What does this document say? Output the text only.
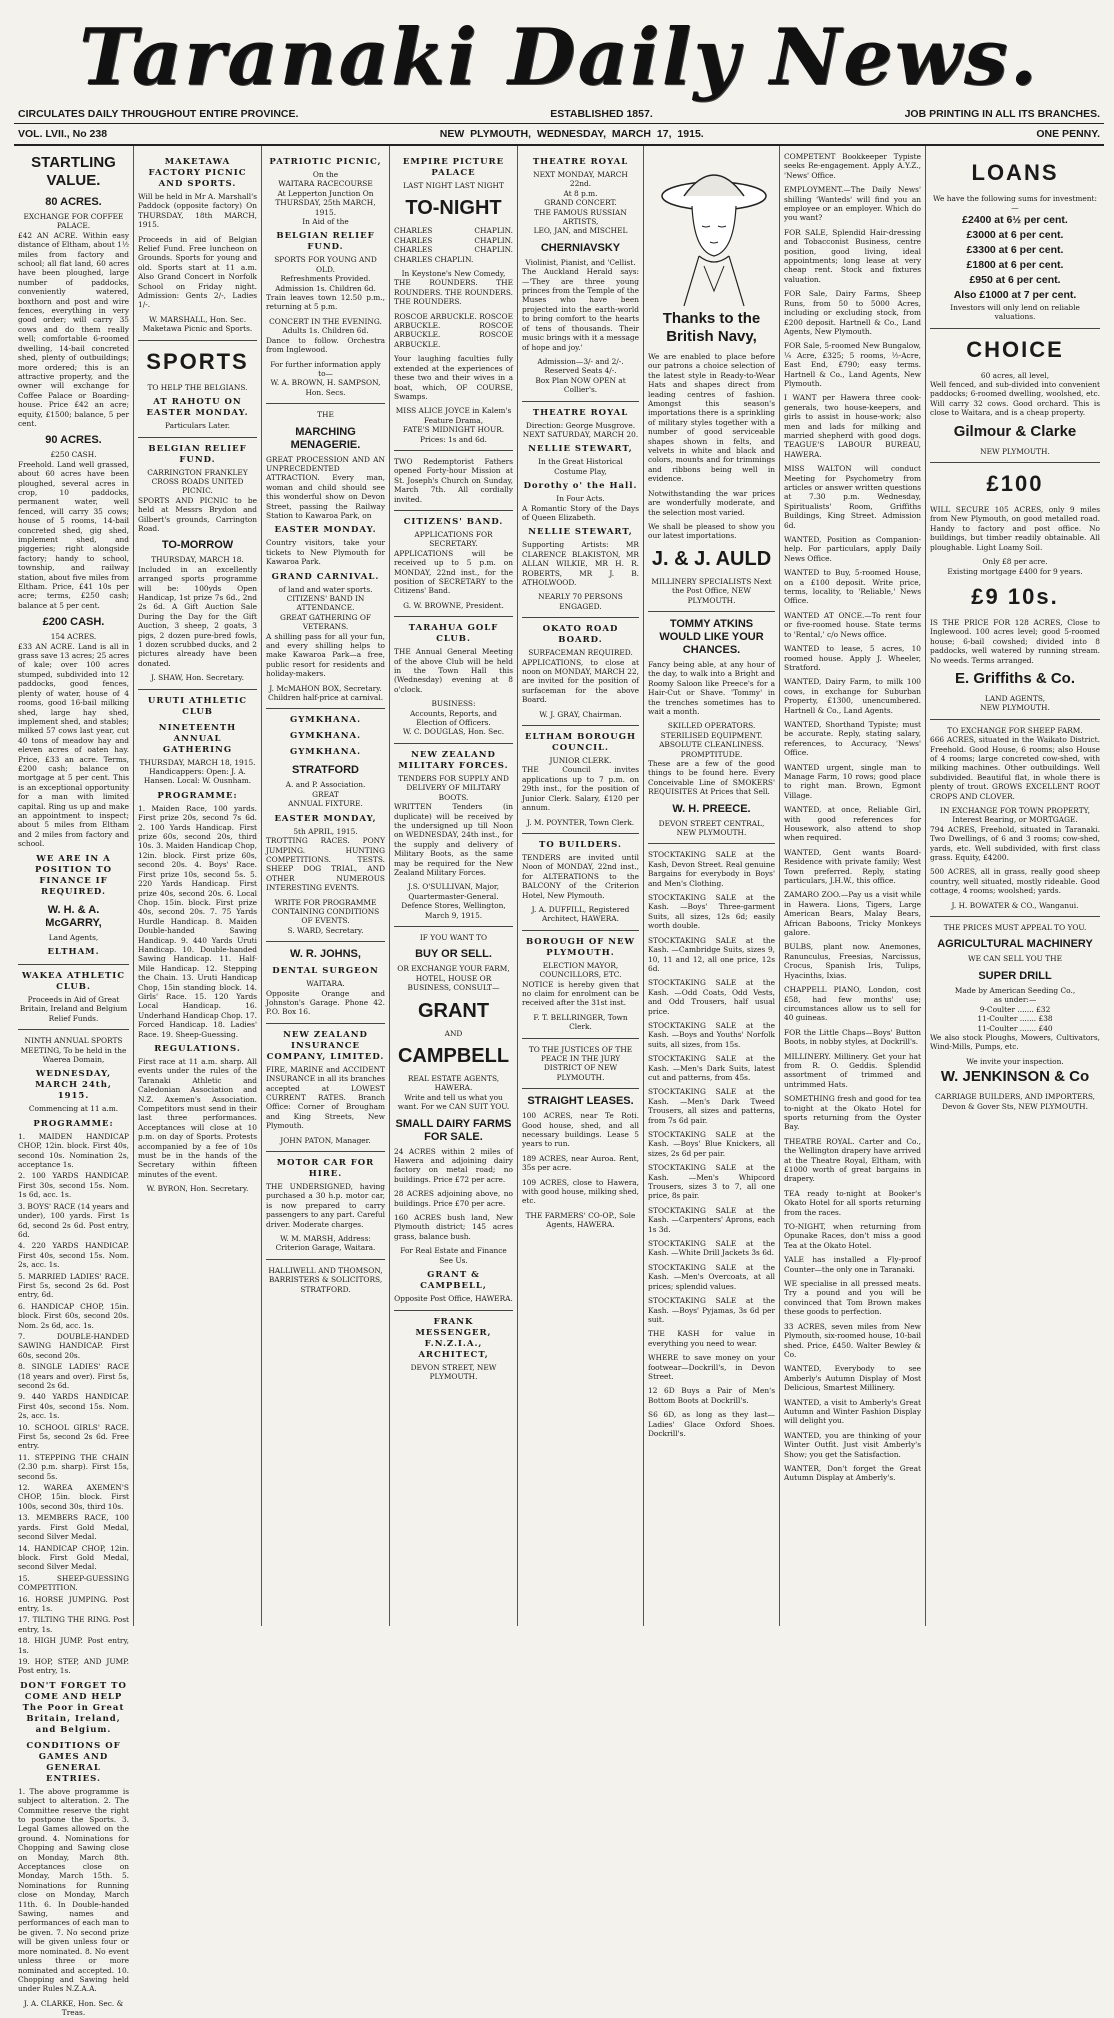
Taranaki Daily News.
CIRCULATES DAILY THROUGHOUT ENTIRE PROVINCE.	ESTABLISHED 1857.	JOB PRINTING IN ALL ITS BRANCHES.
VOL. LVII., No 238	NEW PLYMOUTH, WEDNESDAY, MARCH 17, 1915.	ONE PENNY.
STARTLING VALUE.
80 ACRES.
EXCHANGE FOR COFFEE PALACE.

£42 AN ACRE. Within easy distance of Eltham, about 1½ miles from factory and school; all flat land, 60 acres have been ploughed, large number of paddocks, conveniently watered, boxthorn and post and wire fences, everything in very good order; will carry 35 cows and do them really well; comfortable 6-roomed dwelling, 14-bail concreted shed, plenty of outbuildings; more ordered; this is an attractive property, and the owner will exchange for Coffee Palace or Boarding-house. Price £42 an acre; equity, £1500; balance, 5 per cent.

90 ACRES.
£250 CASH.

Freehold. Land well grassed, about 60 acres have been ploughed, several acres in crop, 10 paddocks, permanent water, well fenced, will carry 35 cows; house of 5 rooms, 14-bail concreted shed, gig shed, implement shed, and piggeries; right alongside factory; handy to school, township, and railway station, about five miles from Eltham. Price, £41 10s per acre; terms, £250 cash; balance at 5 per cent.

£200 CASH.
154 ACRES.

£33 AN ACRE. Land is all in grass save 13 acres; 25 acres of kale; over 100 acres stumped, subdivided into 12 paddocks, good fences, plenty of water, house of 4 rooms, good 16-bail milking shed, large hay shed, implement shed, and stables; milked 57 cows last year, cut 40 tons of meadow hay and eleven acres of oaten hay. Price, £33 an acre. Terms, £200 cash; balance on mortgage at 5 per cent. This is an exceptional opportunity for a man with limited capital. Ring us up and make an appointment to inspect; about 5 miles from Eltham and 2 miles from factory and school.

WE ARE IN A POSITION TO FINANCE IF REQUIRED.
W. H. & A. McGARRY,
Land Agents,
ELTHAM.
WAKEA ATHLETIC CLUB.
Proceeds in Aid of Great Britain, Ireland and Belgium Relief Funds.
NINTH ANNUAL SPORTS MEETING, To be held in the Waerea Domain,
WEDNESDAY, MARCH 24th, 1915.
Commencing at 11 a.m.
PROGRAMME:
1. MAIDEN HANDICAP CHOP, 12in. block. First 40s, second 10s. Nomination 2s, acceptance 1s.
2. 100 YARDS HANDICAP. First 30s, second 15s. Nom. 1s 6d, acc. 1s.
3. BOYS' RACE (14 years and under), 100 yards. First 1s 6d, second 2s 6d. Post entry, 6d.
4. 220 YARDS HANDICAP. First 40s, second 15s. Nom. 2s, acc. 1s.
5. MARRIED LADIES' RACE. First 5s, second 2s 6d. Post entry, 6d.
6. HANDICAP CHOP, 15in. block. First 60s, second 20s. Nom. 2s 6d, acc. 1s.
7. DOUBLE-HANDED SAWING HANDICAP. First 60s, second 20s.
8. SINGLE LADIES' RACE (18 years and over). First 5s, second 2s 6d.
9. 440 YARDS HANDICAP. First 40s, second 15s. Nom. 2s, acc. 1s.
10. SCHOOL GIRLS' RACE. First 5s, second 2s 6d. Free entry.
11. STEPPING THE CHAIN (2.30 p.m. sharp). First 15s, second 5s.
12. WAREA AXEMEN'S CHOP, 15in. block. First 100s, second 30s, third 10s.
13. MEMBERS RACE, 100 yards. First Gold Medal, second Silver Medal.
14. HANDICAP CHOP, 12in. block. First Gold Medal, second Silver Medal.
15. SHEEP-GUESSING COMPETITION.
16. HORSE JUMPING. Post entry, 1s.
17. TILTING THE RING. Post entry, 1s.
18. HIGH JUMP. Post entry, 1s.
19. HOP, STEP, AND JUMP. Post entry, 1s.
DON'T FORGET TO COME AND HELP The Poor in Great Britain, Ireland, and Belgium.
CONDITIONS OF GAMES AND GENERAL ENTRIES.

1. The above programme is subject to alteration. 2. The Committee reserve the right to postpone the Sports. 3. Legal Games allowed on the ground. 4. Nominations for Chopping and Sawing close on Monday, March 8th. Acceptances close on Monday, March 15th. 5. Nominations for Running close on Monday, March 11th. 6. In Double-handed Sawing, names and performances of each man to be given. 7. No second prize will be given unless four or more nominated. 8. No event unless three or more nominated and accepted. 10. Chopping and Sawing held under Rules N.Z.A.A.

J. A. CLARKE, Hon. Sec. & Treas.
MAKETAWA FACTORY PICNIC AND SPORTS.

Will be held in Mr A. Marshall's Paddock (opposite factory) On THURSDAY, 18th MARCH, 1915.

Proceeds in aid of Belgian Relief Fund. Free luncheon on Grounds. Sports for young and old. Sports start at 11 a.m. Also Grand Concert in Norfolk School on Friday night. Admission: Gents 2/-, Ladies 1/-.

W. MARSHALL, Hon. Sec. Maketawa Picnic and Sports.
SPORTS
TO HELP THE BELGIANS.
AT RAHOTU ON EASTER MONDAY.
Particulars Later.
BELGIAN RELIEF FUND.
CARRINGTON FRANKLEY CROSS ROADS UNITED PICNIC.

SPORTS AND PICNIC to be held at Messrs Brydon and Gilbert's grounds, Carrington Road.

TO-MORROW
THURSDAY, MARCH 18.

Included in an excellently arranged sports programme will be: 100yds Open Handicap, 1st prize 7s 6d., 2nd 2s 6d. A Gift Auction Sale During the Day for the Gift Auction, 3 sheep, 2 goats, 3 pigs, 2 dozen pure-bred fowls, 1 dozen scrubbed ducks, and 2 pictures already have been donated.

J. SHAW, Hon. Secretary.
URUTI ATHLETIC CLUB
NINETEENTH ANNUAL GATHERING
THURSDAY, MARCH 18, 1915.
Handicappers: Open: J. A. Hansen. Local: W. Ousnham.
PROGRAMME:

1. Maiden Race, 100 yards. First prize 20s, second 7s 6d. 2. 100 Yards Handicap. First prize 60s, second 20s, third 10s. 3. Maiden Handicap Chop, 12in. block. First prize 60s, second 20s. 4. Boys' Race. First prize 10s, second 5s. 5. 220 Yards Handicap. First prize 40s, second 20s. 6. Local Chop. 15in. block. First prize 40s, second 20s. 7. 75 Yards Hurdle Handicap. 8. Maiden Double-handed Sawing Handicap. 9. 440 Yards Uruti Handicap. 10. Double-handed Sawing Handicap. 11. Half-Mile Handicap. 12. Stepping the Chain. 13. Uruti Handicap Chop, 15in standing block. 14. Girls' Race. 15. 120 Yards Local Handicap. 16. Underhand Handicap Chop. 17. Forced Handicap. 18. Ladies' Race. 19. Sheep-Guessing.

REGULATIONS.

First race at 11 a.m. sharp. All events under the rules of the Taranaki Athletic and Caledonian Association and N.Z. Axemen's Association. Competitors must send in their last three performances. Acceptances will close at 10 p.m. on day of Sports. Protests accompanied by a fee of 10s must be in the hands of the Secretary within fifteen minutes of the event.

W. BYRON, Hon. Secretary.
PATRIOTIC PICNIC,
On the
WAITARA RACECOURSE
At Lepperton Junction On
THURSDAY, 25th MARCH, 1915.
In Aid of the
BELGIAN RELIEF FUND.
SPORTS FOR YOUNG AND OLD.
Refreshments Provided.
Admission 1s. Children 6d.

Train leaves town 12.50 p.m., returning at 5 p.m.

CONCERT IN THE EVENING.
Adults 1s. Children 6d.

Dance to follow. Orchestra from Inglewood.

For further information apply to—
W. A. BROWN, H. SAMPSON, Hon. Secs.
THE
MARCHING MENAGERIE.

GREAT PROCESSION AND AN UNPRECEDENTED ATTRACTION. Every man, woman and child should see this wonderful show on Devon Street, passing the Railway Station to Kawaroa Park, on

EASTER MONDAY.

Country visitors, take your tickets to New Plymouth for Kawaroa Park.

GRAND CARNIVAL.
of land and water sports.
CITIZENS' BAND IN ATTENDANCE.
GREAT GATHERING OF VETERANS.

A shilling pass for all your fun, and every shilling helps to make Kawaroa Park—a free, public resort for residents and holiday-makers.

J. McMAHON BOX, Secretary.
Children half-price at carnival.
GYMKHANA.
GYMKHANA.
GYMKHANA.
STRATFORD
A. and P. Association.
GREAT
ANNUAL FIXTURE.
EASTER MONDAY,
5th APRIL, 1915.

TROTTING RACES. PONY JUMPING. HUNTING COMPETITIONS. TESTS. SHEEP DOG TRIAL, AND OTHER NUMEROUS INTERESTING EVENTS.

WRITE FOR PROGRAMME CONTAINING CONDITIONS OF EVENTS.
S. WARD, Secretary.
W. R. JOHNS,
DENTAL SURGEON
WAITARA.

Opposite Orange and Johnston's Garage. Phone 42. P.O. Box 16.

NEW ZEALAND INSURANCE COMPANY, LIMITED.

FIRE, MARINE and ACCIDENT INSURANCE in all its branches accepted at LOWEST CURRENT RATES. Branch Office: Corner of Brougham and King Streets, New Plymouth.

JOHN PATON, Manager.
MOTOR CAR FOR HIRE.

THE UNDERSIGNED, having purchased a 30 h.p. motor car, is now prepared to carry passengers to any part. Careful driver. Moderate charges.

W. M. MARSH, Address: Criterion Garage, Waitara.
HALLIWELL AND THOMSON, BARRISTERS & SOLICITORS, STRATFORD.
EMPIRE PICTURE PALACE
LAST NIGHT LAST NIGHT
TO-NIGHT

CHARLES CHAPLIN. CHARLES CHAPLIN. CHARLES CHAPLIN. CHARLES CHAPLIN.

In Keystone's New Comedy,

THE ROUNDERS. THE ROUNDERS. THE ROUNDERS. THE ROUNDERS.

ROSCOE ARBUCKLE. ROSCOE ARBUCKLE. ROSCOE ARBUCKLE. ROSCOE ARBUCKLE.

Your laughing faculties fully extended at the experiences of these two and their wives in a boat, which, OF COURSE, Swamps.

MISS ALICE JOYCE in Kalem's Feature Drama,
FATE'S MIDNIGHT HOUR.
Prices: 1s and 6d.

TWO Redemptorist Fathers opened Forty-hour Mission at St. Joseph's Church on Sunday, March 7th. All cordially invited.

CITIZENS' BAND.
APPLICATIONS FOR SECRETARY.

APPLICATIONS will be received up to 5 p.m. on MONDAY, 22nd inst., for the position of SECRETARY to the Citizens' Band.

G. W. BROWNE, President.
TARAHUA GOLF CLUB.

THE Annual General Meeting of the above Club will be held in the Town Hall this (Wednesday) evening at 8 o'clock.

BUSINESS:
Accounts, Reports, and Election of Officers.
W. C. DOUGLAS, Hon. Sec.
NEW ZEALAND MILITARY FORCES.
TENDERS FOR SUPPLY AND DELIVERY OF MILITARY BOOTS.

WRITTEN Tenders (in duplicate) will be received by the undersigned up till Noon on WEDNESDAY, 24th inst., for the supply and delivery of Military Boots, as the same may be required for the New Zealand Military Forces.

J.S. O'SULLIVAN, Major, Quartermaster-General.
Defence Stores, Wellington, March 9, 1915.
IF YOU WANT TO
BUY OR SELL.
OR EXCHANGE YOUR FARM, HOTEL, HOUSE OR BUSINESS, CONSULT—
GRANT
AND
CAMPBELL
REAL ESTATE AGENTS, HAWERA.
Write and tell us what you want. For we CAN SUIT YOU.
SMALL DAIRY FARMS FOR SALE.

24 ACRES within 2 miles of Hawera and adjoining dairy factory on metal road; no buildings. Price £72 per acre.

28 ACRES adjoining above, no buildings. Price £70 per acre.

160 ACRES bush land, New Plymouth district; 145 acres grass, balance bush.

For Real Estate and Finance See Us.
GRANT & CAMPBELL,
Opposite Post Office, HAWERA.
FRANK MESSENGER, F.N.Z.I.A., ARCHITECT,
DEVON STREET, NEW PLYMOUTH.
THEATRE ROYAL
NEXT MONDAY, MARCH 22nd.
At 8 p.m.
GRAND CONCERT.
THE FAMOUS RUSSIAN ARTISTS,
LEO, JAN, and MISCHEL
CHERNIAVSKY
Violinist, Pianist, and 'Cellist.

The Auckland Herald says:—'They are three young princes from the Temple of the Muses who have been projected into the earth-world to bring comfort to the hearts of tens of thousands. Their music brings with it a message of hope and joy.'

Admission—3/- and 2/-. Reserved Seats 4/-.
Box Plan NOW OPEN at Collier's.
THEATRE ROYAL
Direction: George Musgrove.
NEXT SATURDAY, MARCH 20.
NELLIE STEWART,
In the Great Historical Costume Play,
Dorothy o' the Hall.
In Four Acts.

A Romantic Story of the Days of Queen Elizabeth.

NELLIE STEWART,

Supporting Artists: MR CLARENCE BLAKISTON, MR ALLAN WILKIE, MR H. R. ROBERTS, MR J. B. ATHOLWOOD.

NEARLY 70 PERSONS ENGAGED.
OKATO ROAD BOARD.
SURFACEMAN REQUIRED.

APPLICATIONS, to close at noon on MONDAY, MARCH 22, are invited for the position of surfaceman for the above Board.

W. J. GRAY, Chairman.
ELTHAM BOROUGH COUNCIL.
JUNIOR CLERK.

THE Council invites applications up to 7 p.m. on 29th inst., for the position of Junior Clerk. Salary, £120 per annum.

J. M. POYNTER, Town Clerk.
TO BUILDERS.

TENDERS are invited until Noon of MONDAY, 22nd inst., for ALTERATIONS to the BALCONY of the Criterion Hotel, New Plymouth.

J. A. DUFFILL, Registered Architect, HAWERA.
BOROUGH OF NEW PLYMOUTH.
ELECTION MAYOR, COUNCILLORS, ETC.

NOTICE is hereby given that no claim for enrolment can be received after the 31st inst.

F. T. BELLRINGER, Town Clerk.
TO THE JUSTICES OF THE PEACE IN THE JURY DISTRICT OF NEW PLYMOUTH.
STRAIGHT LEASES.

100 ACRES, near Te Roti. Good house, shed, and all necessary buildings. Lease 5 years to run.

189 ACRES, near Auroa. Rent, 35s per acre.

109 ACRES, close to Hawera, with good house, milking shed, etc.

THE FARMERS' CO-OP., Sole Agents, HAWERA.
Thanks to the British Navy,

We are enabled to place before our patrons a choice selection of the latest style in Ready-to-Wear Hats and shapes direct from leading centres of fashion. Amongst this season's importations there is a sprinkling of military styles together with a number of good serviceable shapes shown in felts, and velvets in white and black and colors, mounts and for trimmings and ribbons being well in evidence.

Notwithstanding the war prices are wonderfully moderate, and the selection most varied.

We shall be pleased to show you our latest importations.

J. & J. AULD
MILLINERY SPECIALISTS Next the Post Office, NEW PLYMOUTH.
TOMMY ATKINS WOULD LIKE YOUR CHANCES.

Fancy being able, at any hour of the day, to walk into a Bright and Roomy Saloon like Preece's for a Hair-Cut or Shave. 'Tommy' in the trenches sometimes has to wait a month.

SKILLED OPERATORS. STERILISED EQUIPMENT. ABSOLUTE CLEANLINESS. PROMPTITUDE.

These are a few of the good things to be found here. Every Conceivable Line of SMOKERS' REQUISITES At Prices that Sell.

W. H. PREECE.
DEVON STREET CENTRAL, NEW PLYMOUTH.
STOCKTAKING SALE at the Kash, Devon Street. Real genuine Bargains for everybody in Boys' and Men's Clothing.
STOCKTAKING SALE at the Kash. —Boys' Three-garment Suits, all sizes, 12s 6d; easily worth double.
STOCKTAKING SALE at the Kash. —Cambridge Suits, sizes 9, 10, 11 and 12, all one price, 12s 6d.
STOCKTAKING SALE at the Kash. —Odd Coats, Odd Vests, and Odd Trousers, half usual price.
STOCKTAKING SALE at the Kash. —Boys and Youths' Norfolk suits, all sizes, from 15s.
STOCKTAKING SALE at the Kash. —Men's Dark Suits, latest cut and patterns, from 45s.
STOCKTAKING SALE at the Kash. —Men's Dark Tweed Trousers, all sizes and patterns, from 7s 6d pair.
STOCKTAKING SALE at the Kash. —Boys' Blue Knickers, all sizes, 2s 6d per pair.
STOCKTAKING SALE at the Kash. —Men's Whipcord Trousers, sizes 3 to 7, all one price, 8s pair.
STOCKTAKING SALE at the Kash. —Carpenters' Aprons, each 1s 3d.
STOCKTAKING SALE at the Kash. —White Drill Jackets 3s 6d.
STOCKTAKING SALE at the Kash. —Men's Overcoats, at all prices; splendid values.
STOCKTAKING SALE at the Kash. —Boys' Pyjamas, 3s 6d per suit.

THE KASH for value in everything you need to wear.

WHERE to save money on your footwear—Dockrill's, in Devon Street.

12 6D Buys a Pair of Men's Bottom Boots at Dockrill's.

S6 6D, as long as they last—Ladies' Glace Oxford Shoes. Dockrill's.

COMPETENT Bookkeeper Typiste seeks Re-engagement. Apply A.Y.Z., 'News' Office.
EMPLOYMENT.—The Daily News' shilling 'Wanteds' will find you an employee or an employer. Which do you want?
FOR SALE, Splendid Hair-dressing and Tobacconist Business, centre position, good living, ideal appointments; long lease at very cheap rent. Stock and fixtures valuation.
FOR Sale, Dairy Farms, Sheep Runs, from 50 to 5000 Acres, including or excluding stock, from £200 deposit. Hartnell & Co., Land Agents, New Plymouth.
FOR Sale, 5-roomed New Bungalow, ¼ Acre, £325; 5 rooms, ½-Acre, East End, £790; easy terms. Hartnell & Co., Land Agents, New Plymouth.
I WANT per Hawera three cook-generals, two house-keepers, and girls to assist in house-work; also men and lads for milking and married shepherd with good dogs. TEAGUE'S LABOUR BUREAU, HAWERA.
MISS WALTON will conduct Meeting for Psychometry from articles or answer written questions at 7.30 p.m. Wednesday, Spiritualists' Room, Griffiths Buildings, King Street. Admission 6d.
WANTED, Position as Companion-help. For particulars, apply Daily News Office.
WANTED to Buy, 5-roomed House, on a £100 deposit. Write price, terms, locality, to 'Reliable,' News Office.
WANTED AT ONCE.—To rent four or five-roomed house. State terms to 'Rental,' c/o News office.
WANTED to lease, 5 acres, 10 roomed house. Apply J. Wheeler, Stratford.
WANTED, Dairy Farm, to milk 100 cows, in exchange for Suburban Property, £1300, unencumbered. Hartnell & Co., Land Agents.
WANTED, Shorthand Typiste; must be accurate. Reply, stating salary, references, to Accuracy, 'News' Office.
WANTED urgent, single man to Manage Farm, 10 rows; good place to right man. Brown, Egmont Village.
WANTED, at once, Reliable Girl, with good references for Housework, also attend to shop when required.
WANTED, Gent wants Board-Residence with private family; West Town preferred. Reply, stating particulars, J.H.W., this office.
ZAMARO ZOO.—Pay us a visit while in Hawera. Lions, Tigers, Large American Bears, Malay Bears, African Baboons, Tricky Monkeys galore.
BULBS, plant now. Anemones, Ranunculus, Freesias, Narcissus, Crocus, Spanish Iris, Tulips, Hyacinths, Ixias.
CHAPPELL PIANO, London, cost £58, had few months' use; circumstances allow us to sell for 40 guineas.
FOR the Little Chaps—Boys' Button Boots, in nobby styles, at Dockrill's.
MILLINERY. Millinery. Get your hat from R. O. Geddis. Splendid assortment of trimmed and untrimmed Hats.
SOMETHING fresh and good for tea to-night at the Okato Hotel for sports returning from the Oyster Bay.
THEATRE ROYAL. Carter and Co., the Wellington drapery have arrived at the Theatre Royal, Eltham, with £1000 worth of great bargains in drapery.
TEA ready to-night at Booker's Okato Hotel for all sports returning from the races.
TO-NIGHT, when returning from Opunake Races, don't miss a good Tea at the Okato Hotel.
YALE has installed a Fly-proof Counter—the only one in Taranaki.
WE specialise in all pressed meats. Try a pound and you will be convinced that Tom Brown makes these goods to perfection.
33 ACRES, seven miles from New Plymouth, six-roomed house, 10-bail shed. Price, £450. Walter Bewley & Co.
WANTED, Everybody to see Amberly's Autumn Display of Most Delicious, Smartest Millinery.
WANTED, a visit to Amberly's Great Autumn and Winter Fashion Display will delight you.
WANTED, you are thinking of your Winter Outfit. Just visit Amberly's Show; you get the Satisfaction.
WANTER, Don't forget the Great Autumn Display at Amberly's.
LOANS
We have the following sums for investment:—
£2400 at 6½ per cent.
£3000 at 6 per cent.
£3300 at 6 per cent.
£1800 at 6 per cent.
£950 at 6 per cent.
Also £1000 at 7 per cent.
Investors will only lend on reliable valuations.
CHOICE
60 acres, all level,

Well fenced, and sub-divided into convenient paddocks; 6-roomed dwelling, woolshed, etc. Will carry 32 cows. Good orchard. This is close to Waitara, and is a cheap property.

Gilmour & Clarke
NEW PLYMOUTH.
£100

WILL SECURE 105 ACRES, only 9 miles from New Plymouth, on good metalled road. Handy to factory and post office. No buildings, but timber readily obtainable. All ploughable. Light Loamy Soil.

Only £8 per acre.
Existing mortgage £400 for 9 years.
£9 10s.

IS THE PRICE FOR 128 ACRES, Close to Inglewood. 100 acres level; good 5-roomed house; 6-bail cowshed; divided into 8 paddocks, well watered by running stream. No weeds. Terms arranged.

E. Griffiths & Co.
LAND AGENTS,
NEW PLYMOUTH.
TO EXCHANGE FOR SHEEP FARM.

666 ACRES, situated in the Waikato District. Freehold. Good House, 6 rooms; also House of 4 rooms; large concreted cow-shed, with milking machines. Other outbuildings. Well subdivided. Beautiful flat, in whole there is plenty of trout. GROWS EXCELLENT ROOT CROPS AND CLOVER.

IN EXCHANGE FOR TOWN PROPERTY, Interest Bearing, or MORTGAGE.

794 ACRES, Freehold, situated in Taranaki. Two Dwellings, of 6 and 3 rooms; cow-shed, yards, etc. Well subdivided, with first class grass. Equity, £4200.

500 ACRES, all in grass, really good sheep country, well situated, mostly rideable. Good cottage, 4 rooms; woolshed; yards.

J. H. BOWATER & CO., Wanganui.
THE PRICES MUST APPEAL TO YOU.
AGRICULTURAL MACHINERY
WE CAN SELL YOU THE
SUPER DRILL
Made by American Seeding Co.,
as under:—
9-Coulter ....... £32
11-Coulter ....... £38
11-Coulter ....... £40

We also stock Ploughs, Mowers, Cultivators, Wind-Mills, Pumps, etc.

We invite your inspection.
W. JENKINSON & Co
CARRIAGE BUILDERS, AND IMPORTERS,
Devon & Gover Sts, NEW PLYMOUTH.
